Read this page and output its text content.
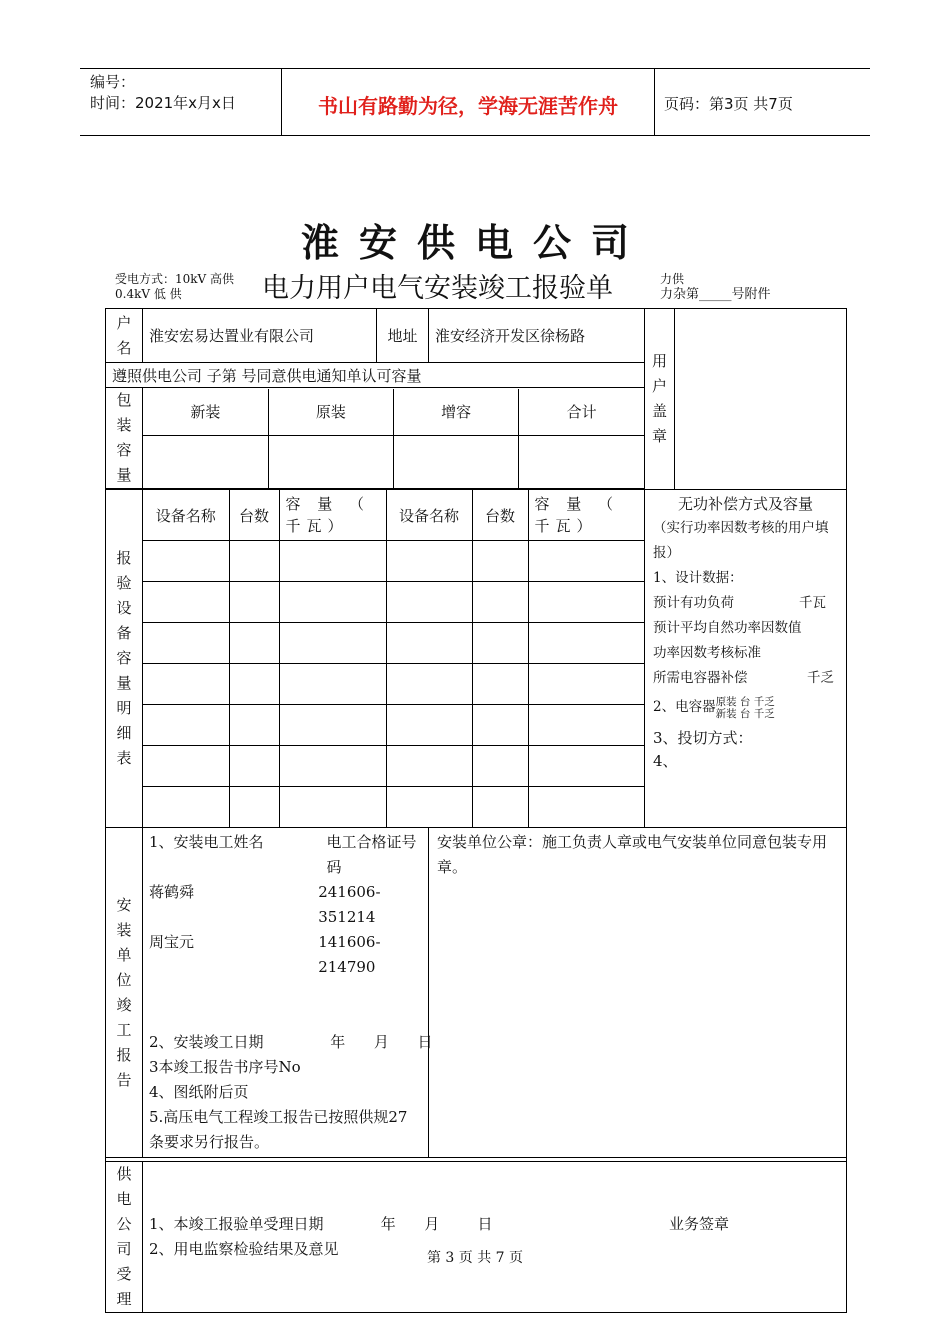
编号：
时间：2021年x月x日	书山有路勤为径，学海无涯苦作舟	页码：第3页 共7页
淮安供电公司
受电方式：10kV 高供
0.4kV 低 供	电力用户电气安装竣工报验单	力供
力杂第_____号附件
户名	淮安宏易达置业有限公司	地址	淮安经济开发区徐杨路	用户盖章	
遵照供电公司 子第 号同意供电通知单认可容量
包装容量	
新装	原装	增容	合计

报验设备容量明细表	
设备名称	台数	容 量 （ 千瓦）	设备名称	台数	容 量 （ 千瓦）

无功补偿方式及容量
（实行功率因数考核的用户填报）
1、设计数据：
预计有功负荷	千瓦
预计平均自然功率因数值
功率因数考核标准
所需电容器补偿	千乏
2、电容器 原装 台 千乏
新装 台 千乏
3、投切方式：
4、

安装单位竣工报告	
1、安装电工姓名	电工合格证号码
蒋鹤舜	241606-351214
周宝元	141606-214790
2、安装竣工日期              年      月      日
3本竣工报告书序号No
4、图纸附后页
5.高压电气工程竣工报告已按照供规27条要求另行报告。
	安装单位公章：施工负责人章或电气安装单位同意包装专用章。

供电公司受理	
1、本竣工报验单受理日期            年      月        日	业务签章
2、用电监察检验结果及意见	第 3 页 共 7 页
